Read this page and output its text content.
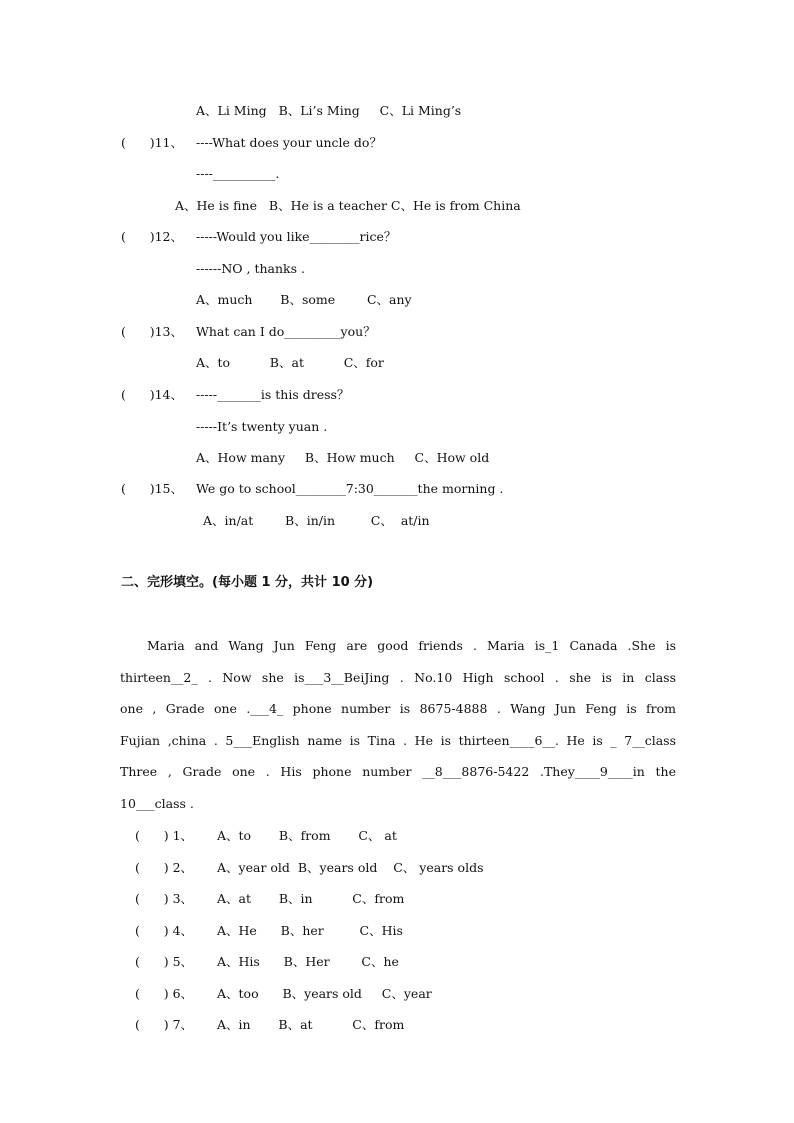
A、Li Ming   B、Li’s Ming     C、Li Ming’s
(      )11、 ----What does your uncle do？
----__________.
A、He is fine   B、He is a teacher C、He is from China
(      )12、 -----Would you like________rice？
------NO , thanks .
A、much       B、some        C、any
(      )13、 What can I do_________you？
A、to          B、at          C、for
(      )14、 -----_______is this dress？
-----It’s twenty yuan .
A、How many     B、How much     C、How old
(      )15、 We go to school________7:30_______the morning .
A、in/at        B、in/in         C、  at/in
二、完形填空。(每小题 1 分，共计 10 分)
Maria and Wang Jun Feng are good friends . Maria is_1 Canada .She is
thirteen__2_ . Now she is___3__BeiJing . No.10 High school . she is in class
one , Grade one .___4_ phone number is 8675-4888 . Wang Jun Feng is from
Fujian ,china . 5___English name is Tina . He is thirteen____6__. He is _ 7__class
Three , Grade one . His phone number __8___8876-5422 .They____9____in the
10___class .
(      ) 1、 A、to       B、from       C、 at
(      ) 2、 A、year old  B、years old    C、 years olds
(      ) 3、 A、at       B、in          C、from
(      ) 4、 A、He      B、her         C、His
(      ) 5、 A、His      B、Her        C、he
(      ) 6、 A、too      B、years old     C、year
(      ) 7、 A、in       B、at          C、from
